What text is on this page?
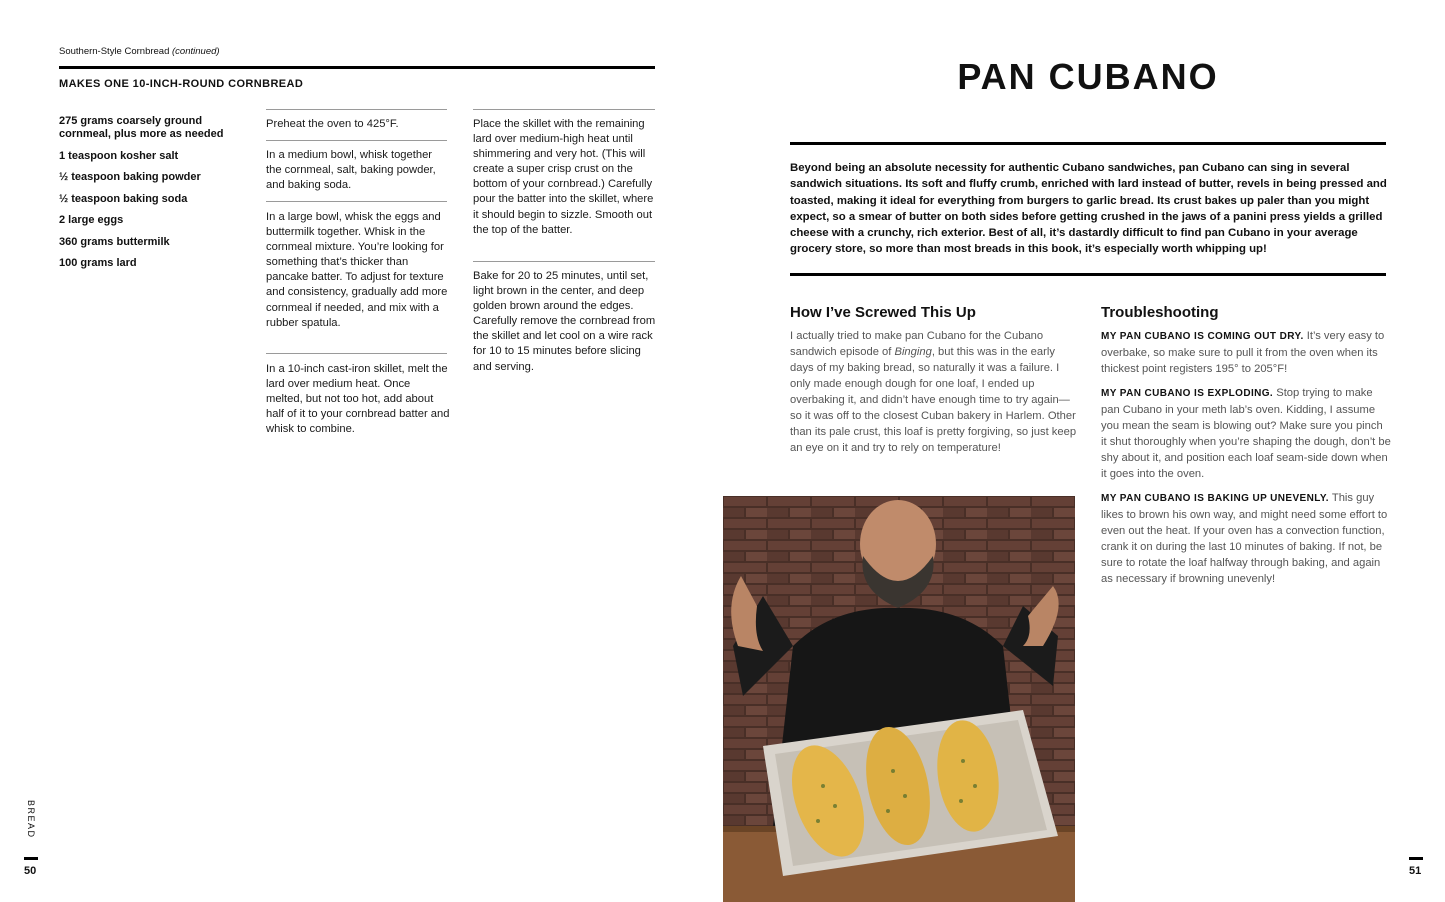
Southern-Style Cornbread (continued)
MAKES ONE 10-INCH-ROUND CORNBREAD
275 grams coarsely ground cornmeal, plus more as needed
1 teaspoon kosher salt
½ teaspoon baking powder
½ teaspoon baking soda
2 large eggs
360 grams buttermilk
100 grams lard
Preheat the oven to 425°F.
In a medium bowl, whisk together the cornmeal, salt, baking powder, and baking soda.
In a large bowl, whisk the eggs and buttermilk together. Whisk in the cornmeal mixture. You’re looking for something that’s thicker than pancake batter. To adjust for texture and consistency, gradually add more cornmeal if needed, and mix with a rubber spatula.
In a 10-inch cast-iron skillet, melt the lard over medium heat. Once melted, but not too hot, add about half of it to your cornbread batter and whisk to combine.
Place the skillet with the remaining lard over medium-high heat until shimmering and very hot. (This will create a super crisp crust on the bottom of your cornbread.) Carefully pour the batter into the skillet, where it should begin to sizzle. Smooth out the top of the batter.
Bake for 20 to 25 minutes, until set, light brown in the center, and deep golden brown around the edges. Carefully remove the cornbread from the skillet and let cool on a wire rack for 10 to 15 minutes before slicing and serving.
BREAD
50
PAN CUBANO
Beyond being an absolute necessity for authentic Cubano sandwiches, pan Cubano can sing in several sandwich situations. Its soft and fluffy crumb, enriched with lard instead of butter, revels in being pressed and toasted, making it ideal for everything from burgers to garlic bread. Its crust bakes up paler than you might expect, so a smear of butter on both sides before getting crushed in the jaws of a panini press yields a grilled cheese with a crunchy, rich exterior. Best of all, it’s dastardly difficult to find pan Cubano in your average grocery store, so more than most breads in this book, it’s especially worth whipping up!
How I’ve Screwed This Up
I actually tried to make pan Cubano for the Cubano sandwich episode of Binging, but this was in the early days of my baking bread, so naturally it was a failure. I only made enough dough for one loaf, I ended up overbaking it, and didn’t have enough time to try again—so it was off to the closest Cuban bakery in Harlem. Other than its pale crust, this loaf is pretty forgiving, so just keep an eye on it and try to rely on temperature!
Troubleshooting
MY PAN CUBANO IS COMING OUT DRY. It’s very easy to overbake, so make sure to pull it from the oven when its thickest point registers 195° to 205°F!
MY PAN CUBANO IS EXPLODING. Stop trying to make pan Cubano in your meth lab’s oven. Kidding, I assume you mean the seam is blowing out? Make sure you pinch it shut thoroughly when you’re shaping the dough, don’t be shy about it, and position each loaf seam-side down when it goes into the oven.
MY PAN CUBANO IS BAKING UP UNEVENLY. This guy likes to brown his own way, and might need some effort to even out the heat. If your oven has a convection function, crank it on during the last 10 minutes of baking. If not, be sure to rotate the loaf halfway through baking, and again as necessary if browning unevenly!
51
